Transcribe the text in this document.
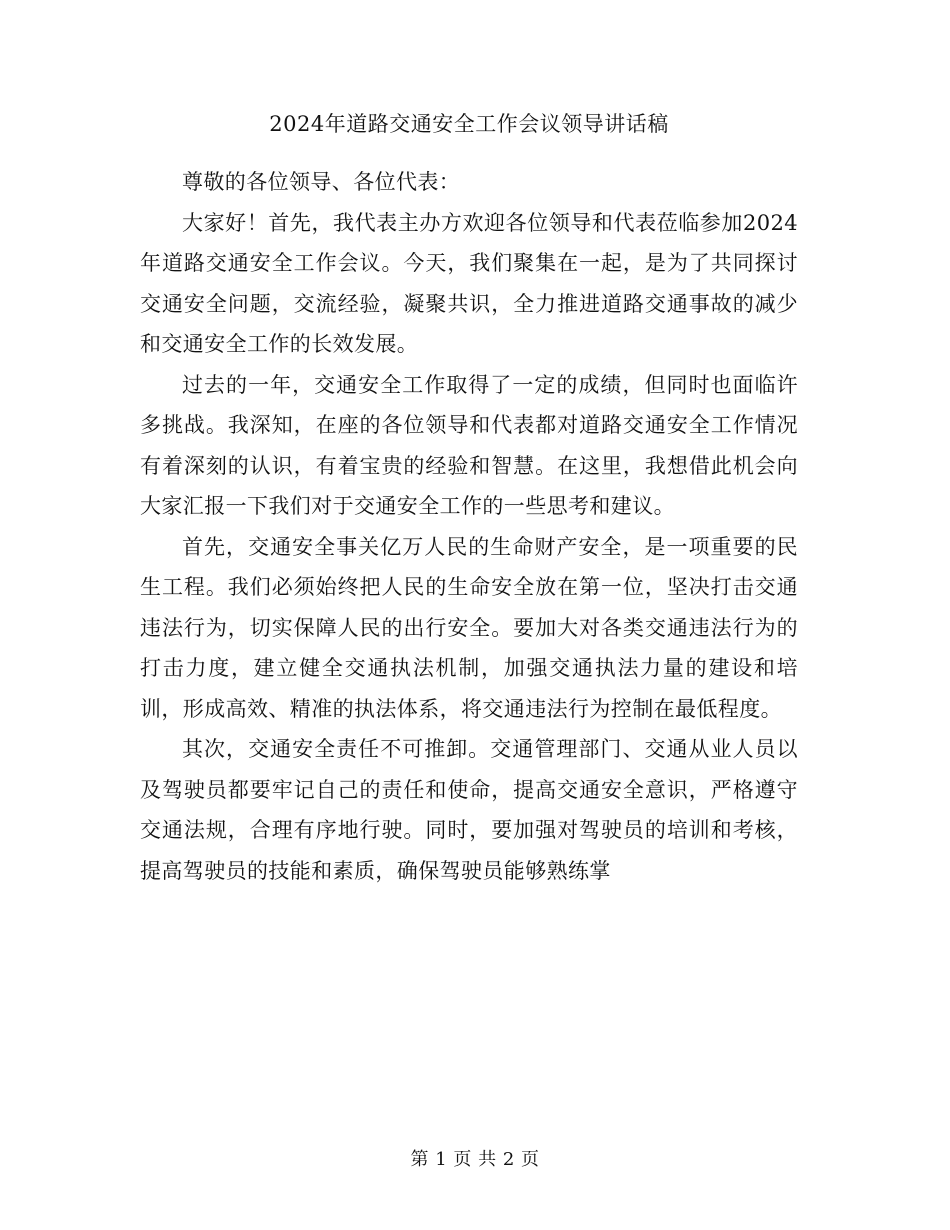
2024年道路交通安全工作会议领导讲话稿

尊敬的各位领导、各位代表：

大家好！首先，我代表主办方欢迎各位领导和代表莅临参加2024年道路交通安全工作会议。今天，我们聚集在一起，是为了共同探讨交通安全问题，交流经验，凝聚共识，全力推进道路交通事故的减少和交通安全工作的长效发展。

过去的一年，交通安全工作取得了一定的成绩，但同时也面临许多挑战。我深知，在座的各位领导和代表都对道路交通安全工作情况有着深刻的认识，有着宝贵的经验和智慧。在这里，我想借此机会向大家汇报一下我们对于交通安全工作的一些思考和建议。

首先，交通安全事关亿万人民的生命财产安全，是一项重要的民生工程。我们必须始终把人民的生命安全放在第一位，坚决打击交通违法行为，切实保障人民的出行安全。要加大对各类交通违法行为的打击力度，建立健全交通执法机制，加强交通执法力量的建设和培训，形成高效、精准的执法体系，将交通违法行为控制在最低程度。

其次，交通安全责任不可推卸。交通管理部门、交通从业人员以及驾驶员都要牢记自己的责任和使命，提高交通安全意识，严格遵守交通法规，合理有序地行驶。同时，要加强对驾驶员的培训和考核，提高驾驶员的技能和素质，确保驾驶员能够熟练掌

第 1 页 共 2 页
